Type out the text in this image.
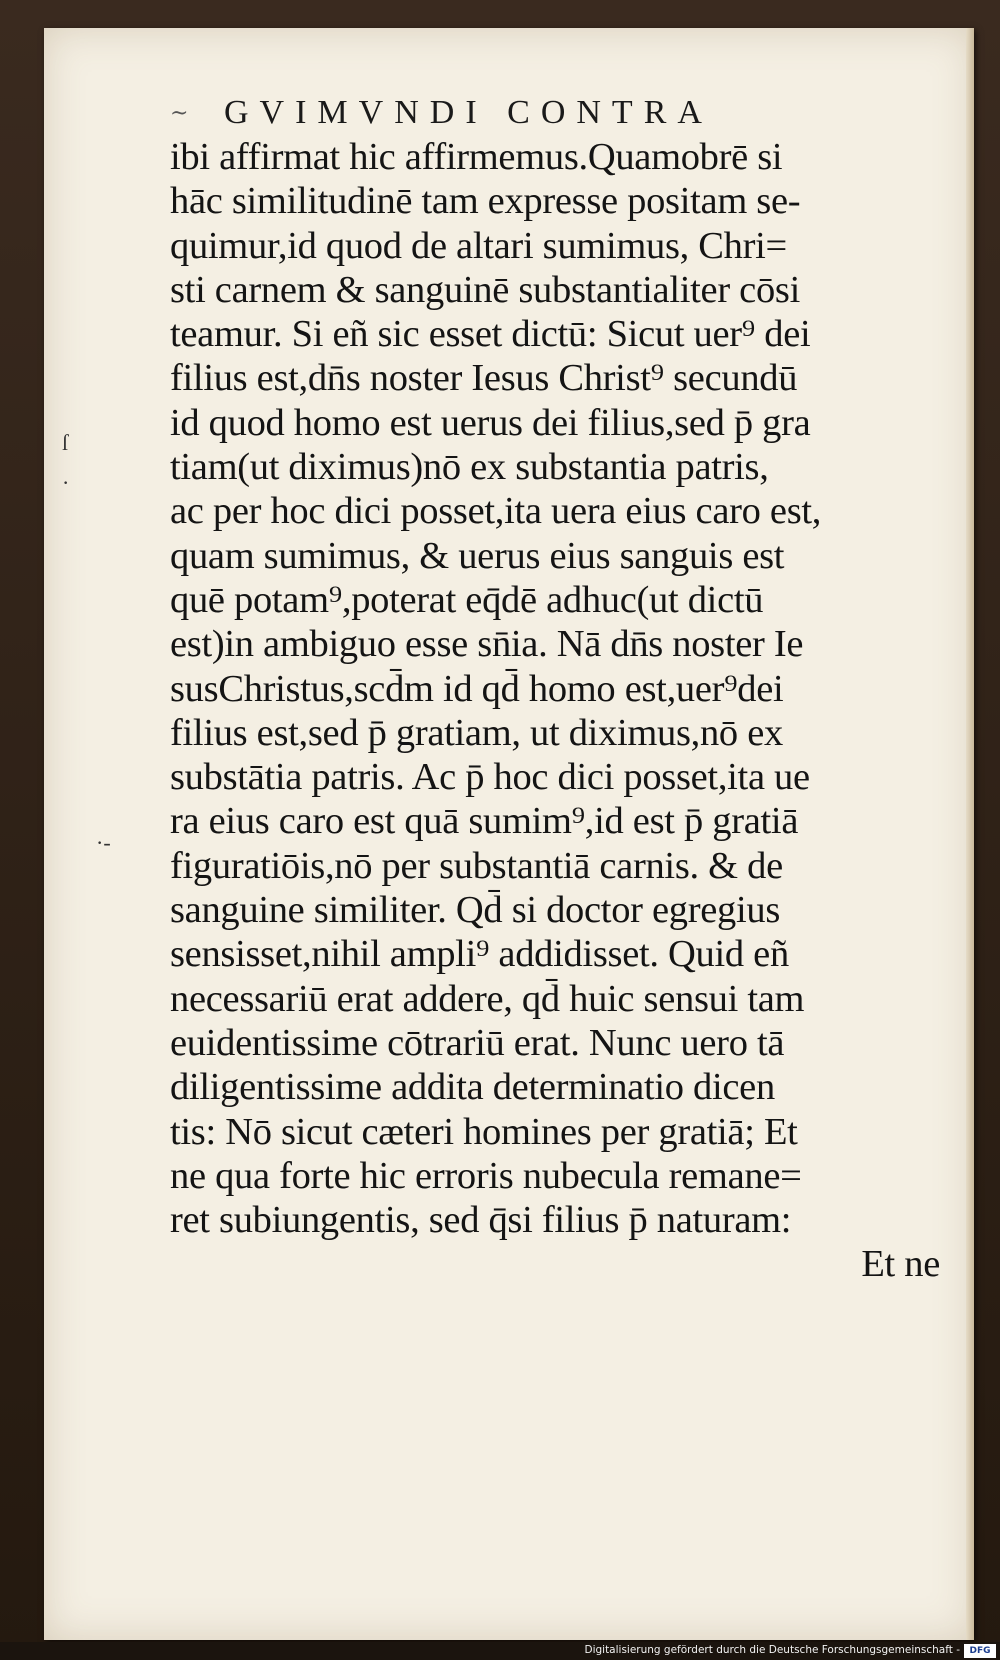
~	GVIMVNDI CONTRA
ſ
·
·-
ibi affirmat hic affirmemus.Quamobrē si
hāc similitudinē tam expresse positam se-
quimur,id quod de altari sumimus, Chri=
sti carnem & sanguinē substantialiter cōsi
teamur. Si eñ sic esset dictū: Sicut uer⁹ dei
filius est,dn̄s noster Iesus Christ⁹ secundū
id quod homo est uerus dei filius,sed p̄ gra
tiam(ut diximus)nō ex substantia patris,
ac per hoc dici posset,ita uera eius caro est,
quam sumimus, & uerus eius sanguis est
quē potam⁹,poterat eq̄dē adhuc(ut dictū
est)in ambiguo esse sn̄ia. Nā dn̄s noster Ie
susChristus,scd̄m id qd̄ homo est,uer⁹dei
filius est,sed p̄ gratiam, ut diximus,nō ex
substātia patris. Ac p̄ hoc dici posset,ita ue
ra eius caro est quā sumim⁹,id est p̄ gratiā
figuratiōis,nō per substantiā carnis. & de
sanguine similiter. Qd̄ si doctor egregius
sensisset,nihil ampli⁹ addidisset. Quid eñ
necessariū erat addere, qd̄ huic sensui tam
euidentissime cōtrariū erat. Nunc uero tā
diligentissime addita determinatio dicen
tis: Nō sicut cæteri homines per gratiā; Et
ne qua forte hic erroris nubecula remane=
ret subiungentis, sed q̄si filius p̄ naturam:
Et ne
Digitalisierung gefördert durch die Deutsche Forschungsgemeinschaft -	DFG
